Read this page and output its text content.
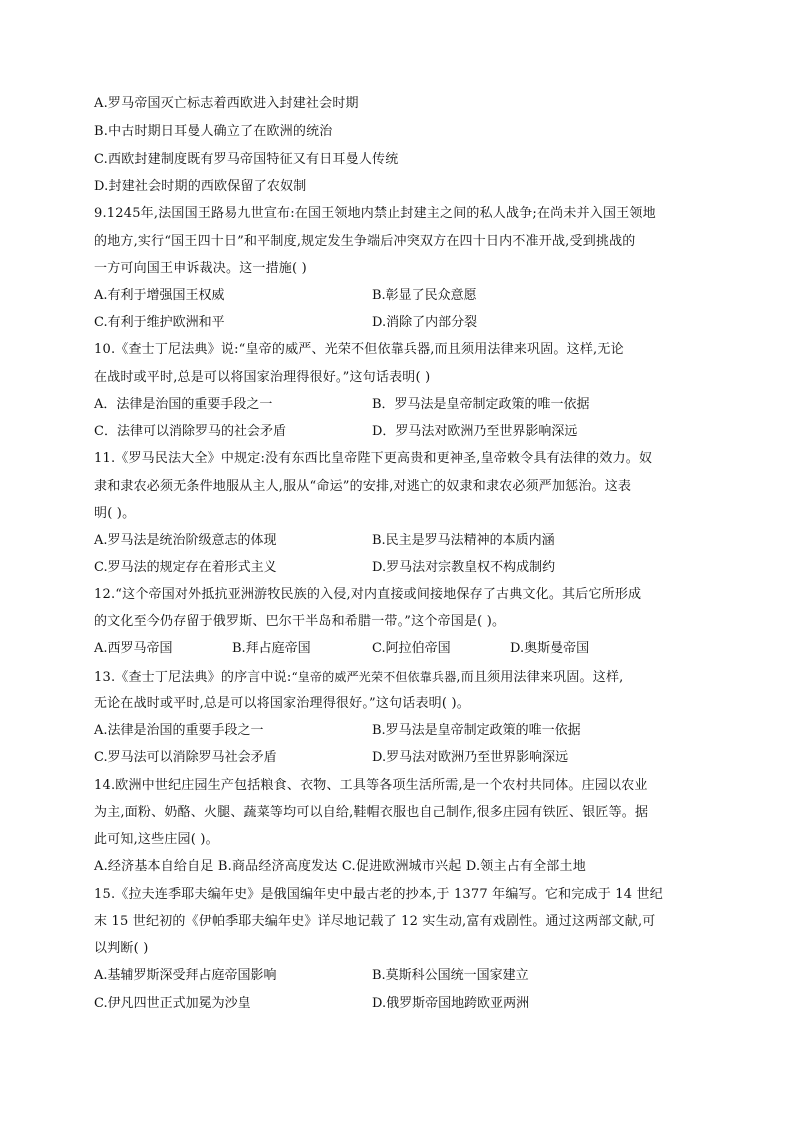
A.罗马帝国灭亡标志着西欧进入封建社会时期
B.中古时期日耳曼人确立了在欧洲的统治
C.西欧封建制度既有罗马帝国特征又有日耳曼人传统
D.封建社会时期的西欧保留了农奴制
9.1245年,法国国王路易九世宣布:在国王领地内禁止封建主之间的私人战争;在尚未并入国王领地
的地方,实行“国王四十日”和平制度,规定发生争端后冲突双方在四十日内不准开战,受到挑战的
一方可向国王申诉裁决。这一措施( )
A.有利于增强国王权威	B.彰显了民众意愿
C.有利于维护欧洲和平	D.消除了内部分裂
10.《查士丁尼法典》说:“皇帝的威严、光荣不但依靠兵器,而且须用法律来巩固。这样,无论
在战时或平时,总是可以将国家治理得很好。”这句话表明( )
A．法律是治国的重要手段之一	B．罗马法是皇帝制定政策的唯一依据
C．法律可以消除罗马的社会矛盾	D．罗马法对欧洲乃至世界影响深远
11.《罗马民法大全》中规定:没有东西比皇帝陛下更高贵和更神圣,皇帝敕令具有法律的效力。奴
隶和隶农必须无条件地服从主人,服从“命运”的安排,对逃亡的奴隶和隶农必须严加惩治。这表
明( )。
A.罗马法是统治阶级意志的体现	B.民主是罗马法精神的本质内涵
C.罗马法的规定存在着形式主义	D.罗马法对宗教皇权不构成制约
12.“这个帝国对外抵抗亚洲游牧民族的入侵,对内直接或间接地保存了古典文化。其后它所形成
的文化至今仍存留于俄罗斯、巴尔干半岛和希腊一带。”这个帝国是( )。
A.西罗马帝国	B.拜占庭帝国	C.阿拉伯帝国	D.奥斯曼帝国
13.《查士丁尼法典》的序言中说:“皇帝的威严光荣不但依靠兵器,而且须用法律来巩固。这样,
无论在战时或平时,总是可以将国家治理得很好。”这句话表明( )。
A.法律是治国的重要手段之一	B.罗马法是皇帝制定政策的唯一依据
C.罗马法可以消除罗马社会矛盾	D.罗马法对欧洲乃至世界影响深远
14.欧洲中世纪庄园生产包括粮食、衣物、工具等各项生活所需,是一个农村共同体。庄园以农业
为主,面粉、奶酪、火腿、蔬菜等均可以自给,鞋帽衣服也自己制作,很多庄园有铁匠、银匠等。据
此可知,这些庄园( )。
A.经济基本自给自足 B.商品经济高度发达 C.促进欧洲城市兴起 D.领主占有全部土地
15.《拉夫连季耶夫编年史》是俄国编年史中最古老的抄本,于 1377 年编写。它和完成于 14 世纪
末 15 世纪初的《伊帕季耶夫编年史》详尽地记载了 12 实生动,富有戏剧性。通过这两部文献,可
以判断( )
A.基辅罗斯深受拜占庭帝国影响	B.莫斯科公国统一国家建立
C.伊凡四世正式加冕为沙皇	D.俄罗斯帝国地跨欧亚两洲
